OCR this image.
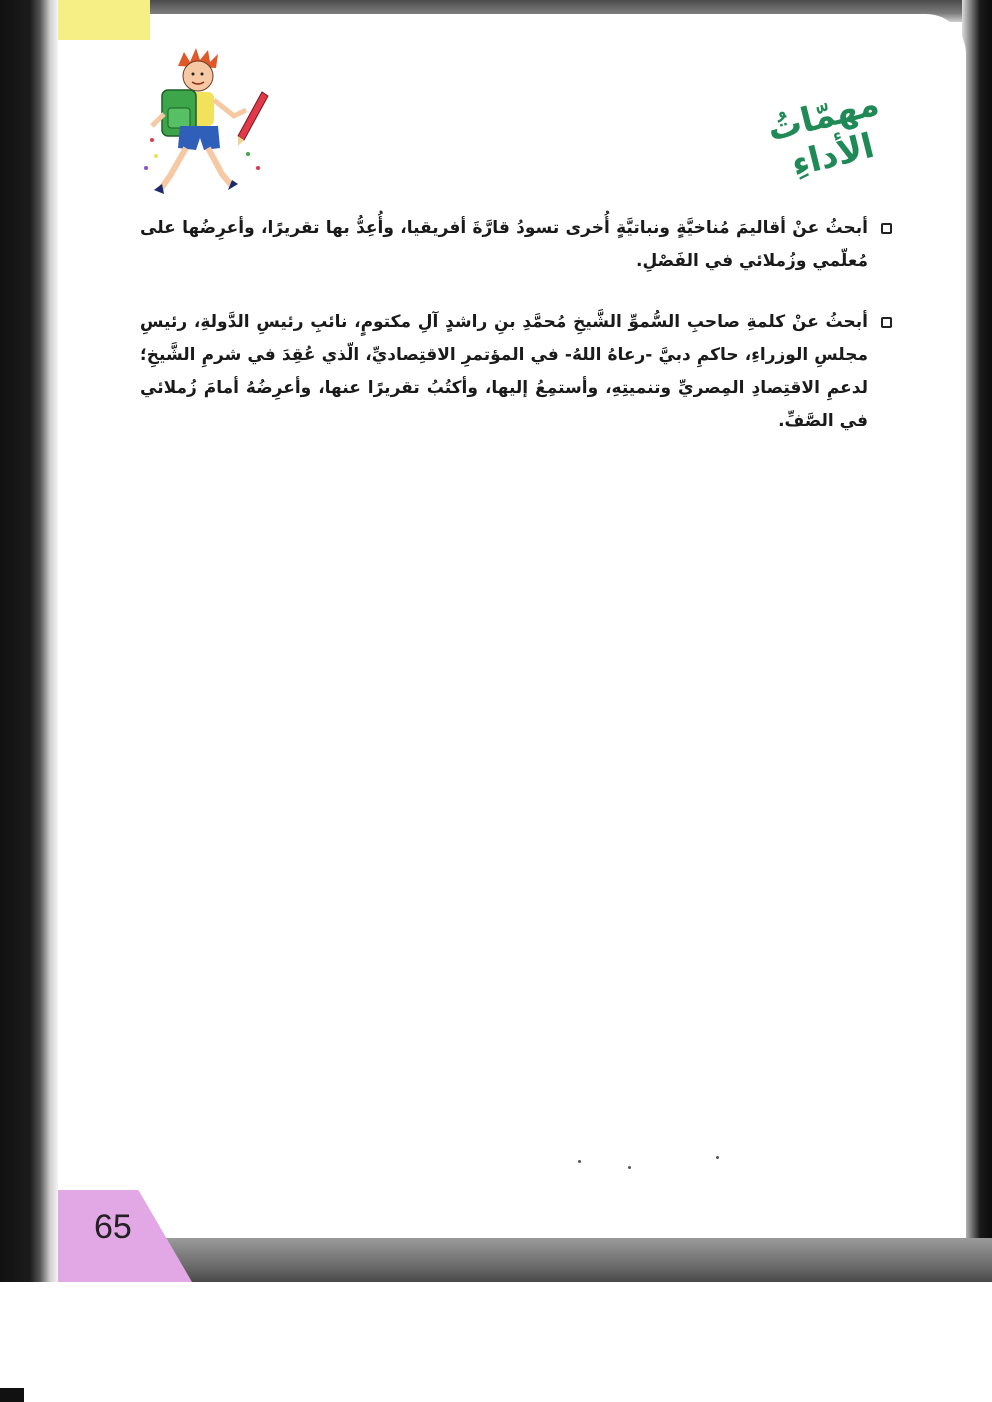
مهمّاتُ الأداءِ
أبحثُ عنْ أقاليمَ مُناخيَّةٍ ونباتيَّةٍ أُخرى تسودُ قارَّةَ أفريقيا، وأُعِدُّ بها تقريرًا، وأعرِضُها على مُعلّمي وزُملائي في الفَصْلِ.
أبحثُ عنْ كلمةِ صاحبِ السُّموِّ الشَّيخِ مُحمَّدِ بنِ راشدٍ آلِ مكتومٍ، نائبِ رئيسِ الدَّولةِ، رئيسِ مجلسِ الوزراءِ، حاكمِ دبيَّ -رعاهُ اللهُ- في المؤتمرِ الاقتِصاديِّ، الّذي عُقِدَ في شرمِ الشَّيخِ؛ لدعمِ الاقتِصادِ المِصريِّ وتنميتِهِ، وأستمِعُ إليها، وأكتُبُ تقريرًا عنها، وأعرِضُهُ أمامَ زُملائي في الصَّفِّ.
65
